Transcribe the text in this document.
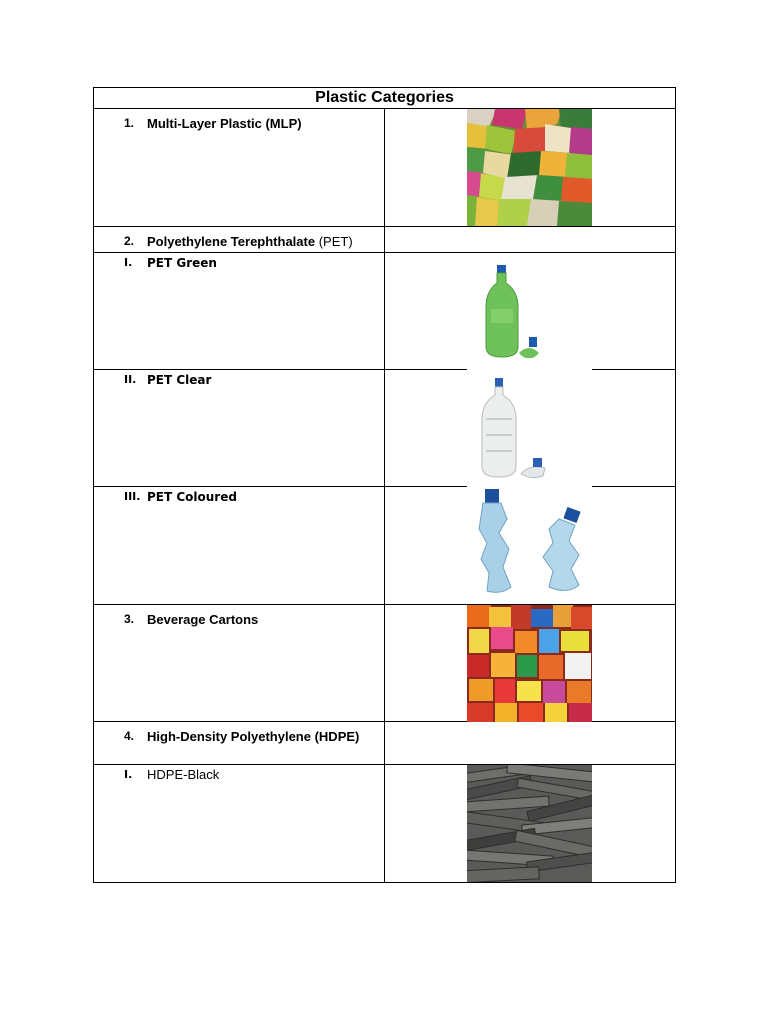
Plastic Categories	

1. Multi-Layer Plastic (MLP)

2. Polyethylene Terephthalate (PET)	

I. PET Green

II. PET Clear

III. PET Coloured

3. Beverage Cartons

4. High-Density Polyethylene (HDPE)	

I. HDPE-Black
